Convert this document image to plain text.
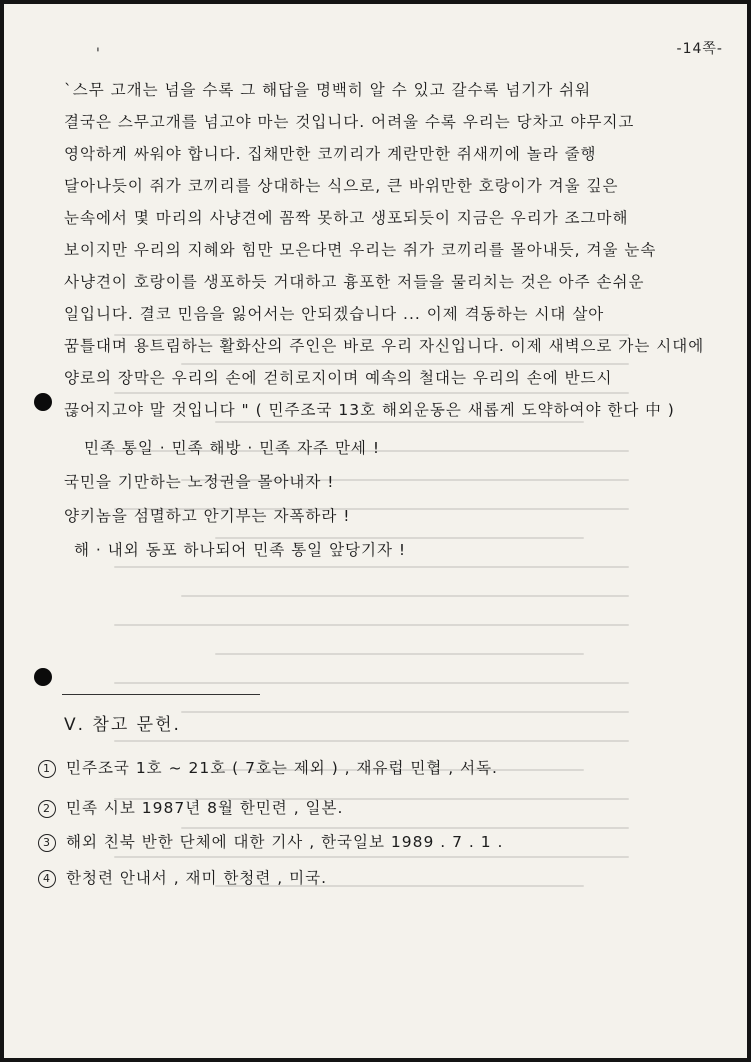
'	-14쪽-
`스무 고개는 넘을 수록 그 해답을 명백히 알 수 있고 갈수록 넘기가 쉬워
결국은 스무고개를 넘고야 마는 것입니다. 어려울 수록 우리는 당차고 야무지고
영악하게 싸워야 합니다. 집채만한 코끼리가 계란만한 쥐새끼에 놀라 줄행
달아나듯이 쥐가 코끼리를 상대하는 식으로, 큰 바위만한 호랑이가 겨울 깊은
눈속에서 몇 마리의 사냥견에 꼼짝 못하고 생포되듯이 지금은 우리가 조그마해
보이지만 우리의 지혜와 힘만 모은다면 우리는 쥐가 코끼리를 몰아내듯, 겨울 눈속
사냥견이 호랑이를 생포하듯 거대하고 흉포한 저들을 물리치는 것은 아주 손쉬운
일입니다. 결코 민음을 잃어서는 안되겠습니다 ... 이제 격동하는 시대 살아
꿈틀대며 용트림하는 활화산의 주인은 바로 우리 자신입니다. 이제 새벽으로 가는 시대에
양로의 장막은 우리의 손에 걷히로지이며 예속의 철대는 우리의 손에 반드시
끊어지고야 말 것입니다 " ( 민주조국 13호 해외운동은 새롭게 도약하여야 한다 中 )
민족 통일 · 민족 해방 · 민족 자주 만세 !
국민을 기만하는 노정권을 몰아내자 !
양키놈을 섬멸하고 안기부는 자폭하라 !
해 · 내외 동포 하나되어 민족 통일 앞당기자 !
Ⅴ. 참고 문헌.
1 민주조국 1호 ~ 21호 ( 7호는 제외 ) , 재유럽 민협 , 서독.
2 민족 시보 1987년 8월 한민련 , 일본.
3 해외 친북 반한 단체에 대한 기사 , 한국일보 1989 . 7 . 1 .
4 한청련 안내서 , 재미 한청련 , 미국.
